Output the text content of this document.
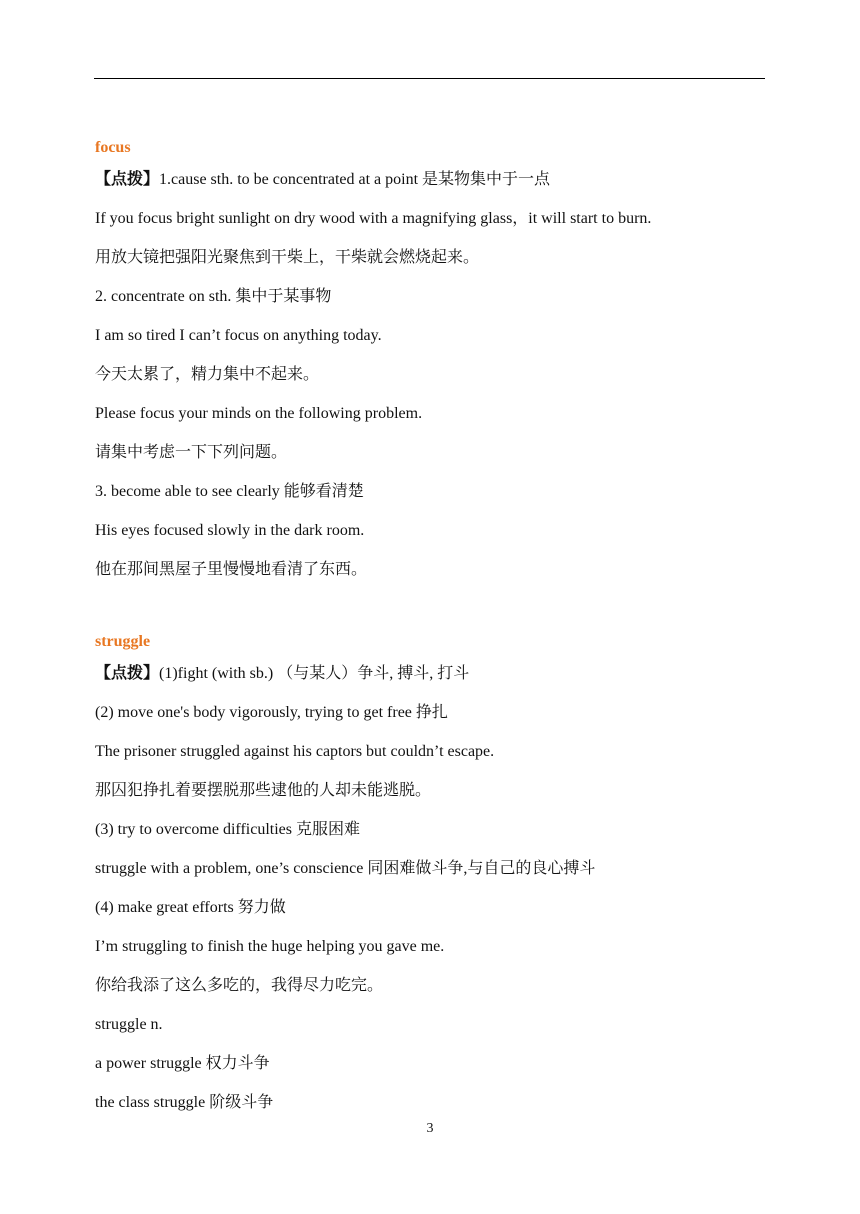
focus
【点拨】1.cause sth. to be concentrated at a point 是某物集中于一点
If you focus bright sunlight on dry wood with a magnifying glass，it will start to burn.
用放大镜把强阳光聚焦到干柴上，干柴就会燃烧起来。
2. concentrate on sth. 集中于某事物
I am so tired I can’t focus on anything today.
今天太累了，精力集中不起来。
Please focus your minds on the following problem.
请集中考虑一下下列问题。
3. become able to see clearly 能够看清楚
His eyes focused slowly in the dark room.
他在那间黑屋子里慢慢地看清了东西。
struggle
【点拨】(1)fight (with sb.) （与某人）争斗, 搏斗, 打斗
(2) move one's body vigorously, trying to get free 挣扎
The prisoner struggled against his captors but couldn’t escape.
那囚犯挣扎着要摆脱那些逮他的人却未能逃脱。
(3) try to overcome difficulties 克服困难
struggle with a problem, one’s conscience 同困难做斗争,与自己的良心搏斗
(4) make great efforts 努力做
I’m struggling to finish the huge helping you gave me.
你给我添了这么多吃的，我得尽力吃完。
struggle n.
a power struggle 权力斗争
the class struggle 阶级斗争
3
